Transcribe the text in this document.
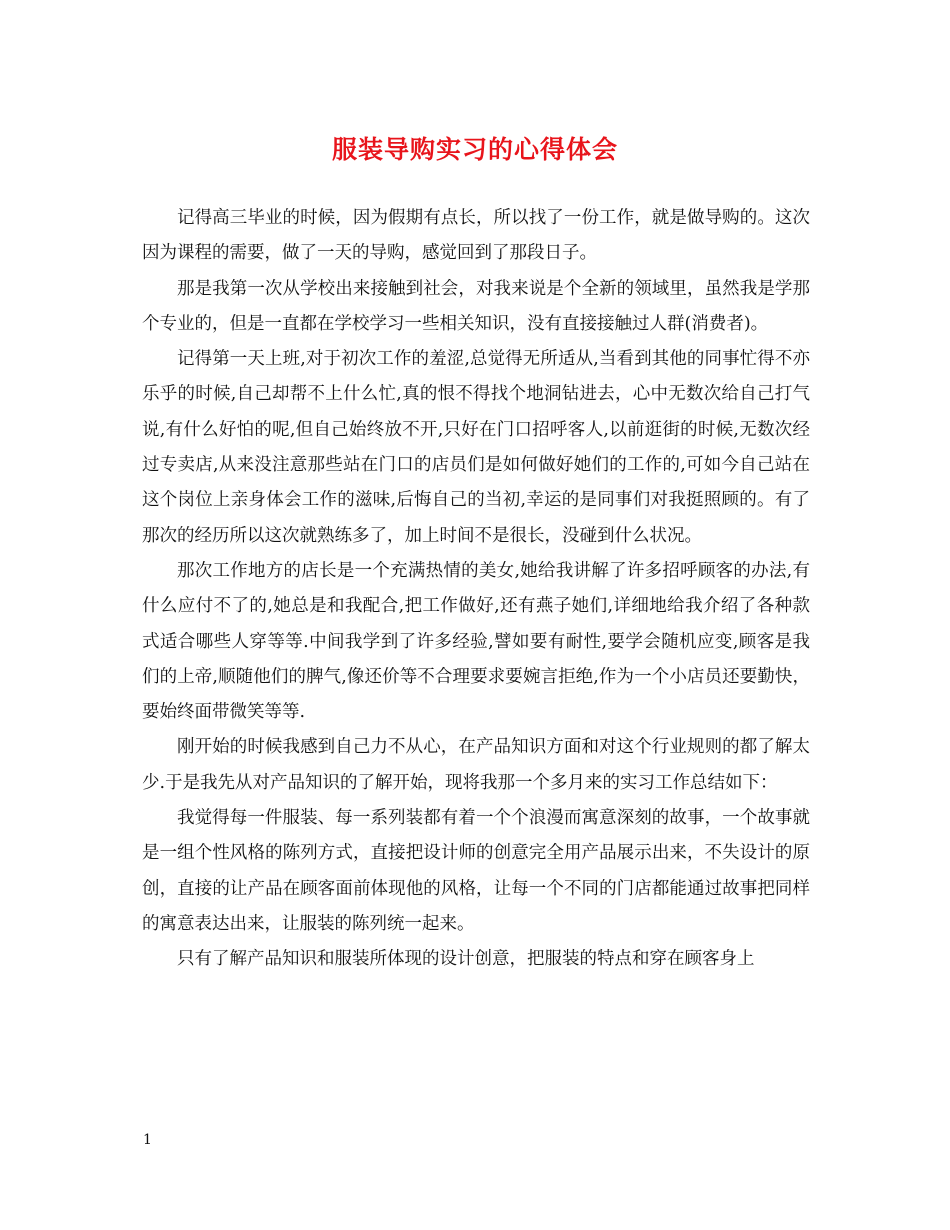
服装导购实习的心得体会

记得高三毕业的时候，因为假期有点长，所以找了一份工作，就是做导购的。这次因为课程的需要，做了一天的导购，感觉回到了那段日子。

那是我第一次从学校出来接触到社会，对我来说是个全新的领域里，虽然我是学那个专业的，但是一直都在学校学习一些相关知识，没有直接接触过人群(消费者)。

记得第一天上班,对于初次工作的羞涩,总觉得无所适从,当看到其他的同事忙得不亦乐乎的时候,自己却帮不上什么忙,真的恨不得找个地洞钻进去，心中无数次给自己打气说,有什么好怕的呢,但自己始终放不开,只好在门口招呼客人,以前逛街的时候,无数次经过专卖店,从来没注意那些站在门口的店员们是如何做好她们的工作的,可如今自己站在这个岗位上亲身体会工作的滋味,后悔自己的当初,幸运的是同事们对我挺照顾的。有了那次的经历所以这次就熟练多了，加上时间不是很长，没碰到什么状况。

那次工作地方的店长是一个充满热情的美女,她给我讲解了许多招呼顾客的办法,有什么应付不了的,她总是和我配合,把工作做好,还有燕子她们,详细地给我介绍了各种款式适合哪些人穿等等.中间我学到了许多经验,譬如要有耐性,要学会随机应变,顾客是我们的上帝,顺随他们的脾气,像还价等不合理要求要婉言拒绝,作为一个小店员还要勤快，要始终面带微笑等等.

刚开始的时候我感到自己力不从心，在产品知识方面和对这个行业规则的都了解太少.于是我先从对产品知识的了解开始，现将我那一个多月来的实习工作总结如下：

我觉得每一件服装、每一系列装都有着一个个浪漫而寓意深刻的故事，一个故事就是一组个性风格的陈列方式，直接把设计师的创意完全用产品展示出来，不失设计的原创，直接的让产品在顾客面前体现他的风格，让每一个不同的门店都能通过故事把同样的寓意表达出来，让服装的陈列统一起来。

只有了解产品知识和服装所体现的设计创意，把服装的特点和穿在顾客身上

1
